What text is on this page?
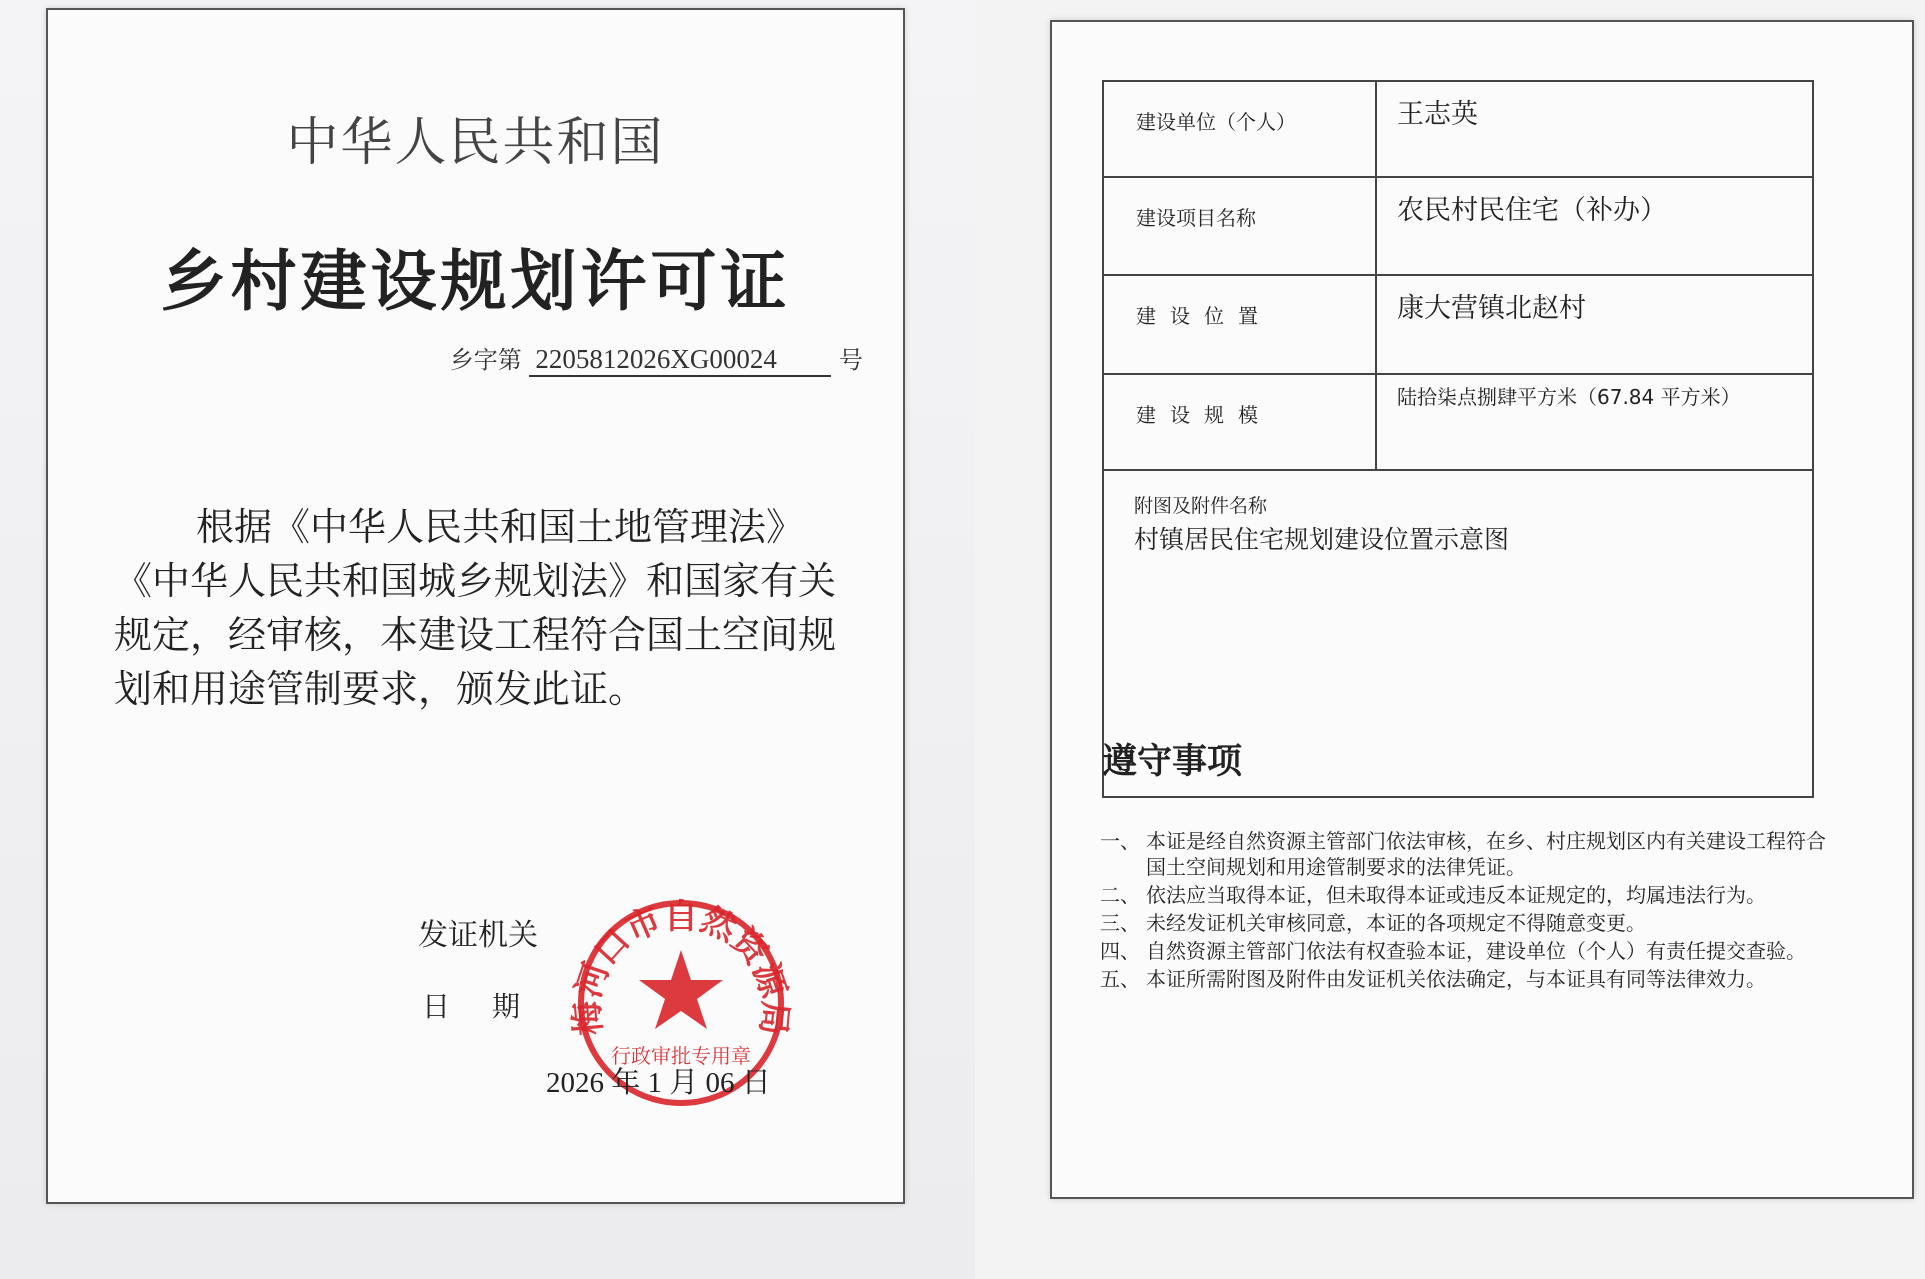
中华人民共和国
乡村建设规划许可证
乡字第 2205812026XG00024	号
根据《中华人民共和国土地管理法》《中华人民共和国城乡规划法》和国家有关规定，经审核，本建设工程符合国土空间规划和用途管制要求，颁发此证。
发证机关
日期 梅河口市自然资源局
行政审批专用章
2026 年 1 月 06 日
建设单位（个人）	王志英
建设项目名称	农民村民住宅（补办）
建设位置	康大营镇北赵村
建设规模	陆拾柒点捌肆平方米（67.84 平方米）

附图及附件名称
村镇居民住宅规划建设位置示意图	
遵守事项
一、 本证是经自然资源主管部门依法审核，在乡、村庄规划区内有关建设工程符合国土空间规划和用途管制要求的法律凭证。
二、 依法应当取得本证，但未取得本证或违反本证规定的，均属违法行为。
三、 未经发证机关审核同意，本证的各项规定不得随意变更。
四、 自然资源主管部门依法有权查验本证，建设单位（个人）有责任提交查验。
五、 本证所需附图及附件由发证机关依法确定，与本证具有同等法律效力。
